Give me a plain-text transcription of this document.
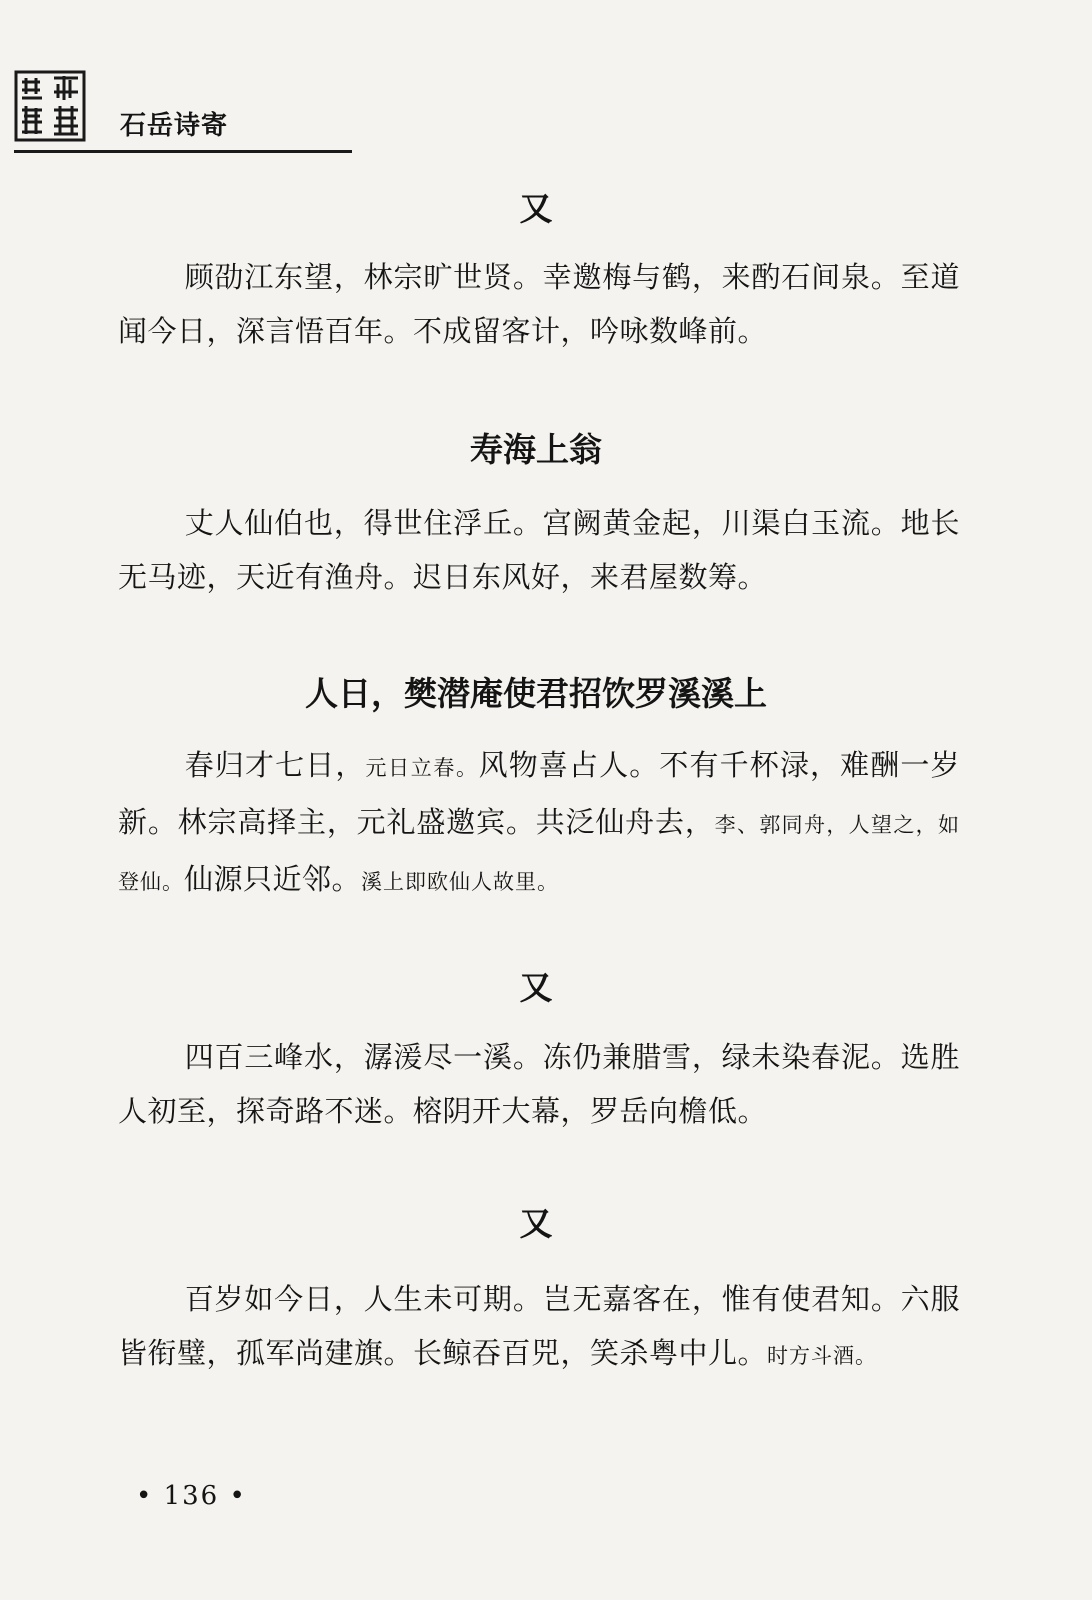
石岳诗寄
又

顾劭江东望，林宗旷世贤。幸邀梅与鹤，来酌石间泉。至道闻今日，深言悟百年。不成留客计，吟咏数峰前。

寿海上翁

丈人仙伯也，得世住浮丘。宫阙黄金起，川渠白玉流。地长无马迹，天近有渔舟。迟日东风好，来君屋数筹。

人日，樊潜庵使君招饮罗溪溪上

春归才七日，元日立春。风物喜占人。不有千杯渌，难酬一岁新。林宗高择主，元礼盛邀宾。共泛仙舟去，李、郭同舟，人望之，如登仙。仙源只近邻。溪上即欧仙人故里。

又

四百三峰水，潺湲尽一溪。冻仍兼腊雪，绿未染春泥。选胜人初至，探奇路不迷。榕阴开大幕，罗岳向檐低。

又

百岁如今日，人生未可期。岂无嘉客在，惟有使君知。六服皆衔璧，孤军尚建旗。长鲸吞百兕，笑杀粤中儿。时方斗酒。

• 136 •
